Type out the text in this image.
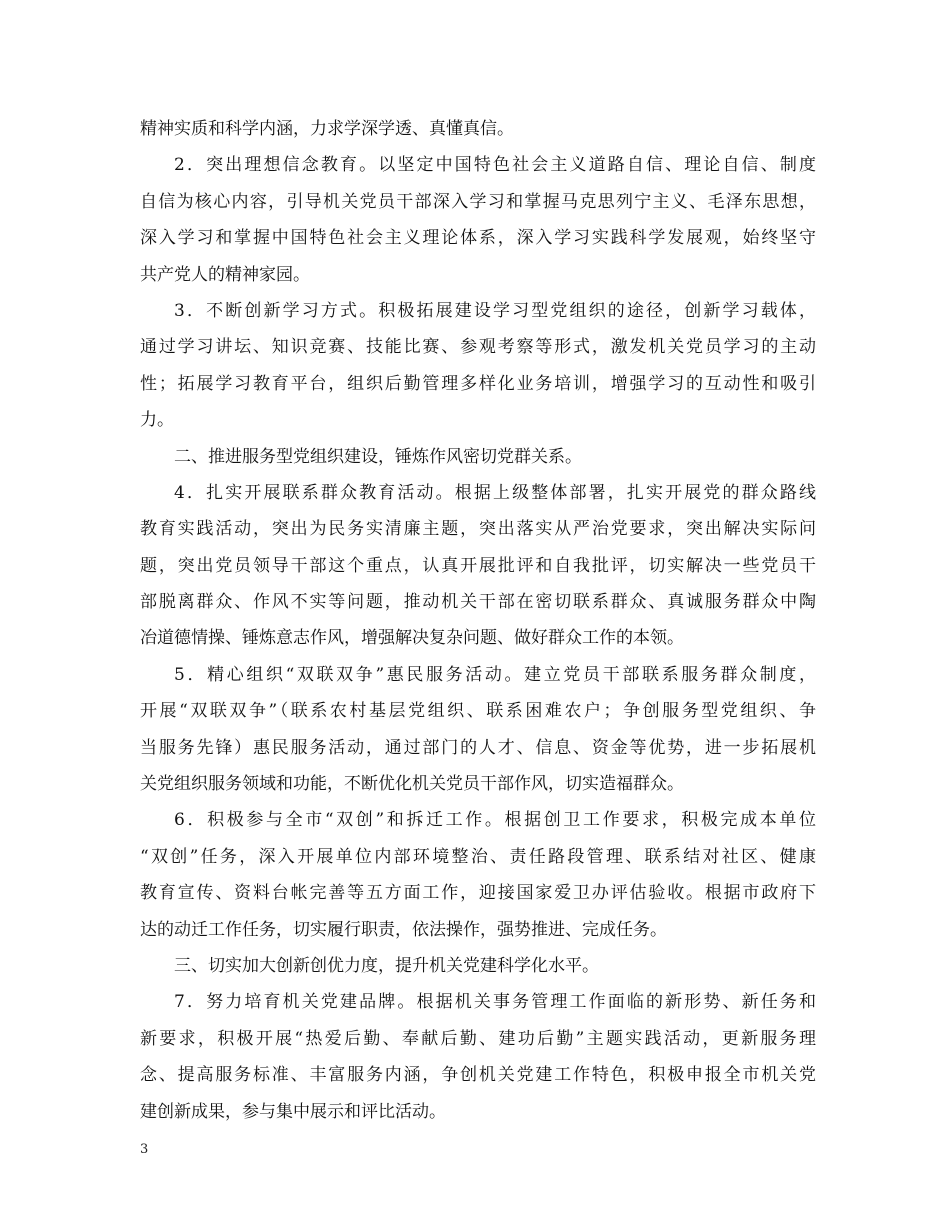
精神实质和科学内涵，力求学深学透、真懂真信。
2．突出理想信念教育。以坚定中国特色社会主义道路自信、理论自信、制度
自信为核心内容，引导机关党员干部深入学习和掌握马克思列宁主义、毛泽东思想，
深入学习和掌握中国特色社会主义理论体系，深入学习实践科学发展观，始终坚守
共产党人的精神家园。
3．不断创新学习方式。积极拓展建设学习型党组织的途径，创新学习载体，
通过学习讲坛、知识竞赛、技能比赛、参观考察等形式，激发机关党员学习的主动
性；拓展学习教育平台，组织后勤管理多样化业务培训，增强学习的互动性和吸引
力。
二、推进服务型党组织建设，锤炼作风密切党群关系。
4．扎实开展联系群众教育活动。根据上级整体部署，扎实开展党的群众路线
教育实践活动，突出为民务实清廉主题，突出落实从严治党要求，突出解决实际问
题，突出党员领导干部这个重点，认真开展批评和自我批评，切实解决一些党员干
部脱离群众、作风不实等问题，推动机关干部在密切联系群众、真诚服务群众中陶
冶道德情操、锤炼意志作风，增强解决复杂问题、做好群众工作的本领。
5．精心组织“双联双争”惠民服务活动。建立党员干部联系服务群众制度，
开展“双联双争”（联系农村基层党组织、联系困难农户；争创服务型党组织、争
当服务先锋）惠民服务活动，通过部门的人才、信息、资金等优势，进一步拓展机
关党组织服务领域和功能，不断优化机关党员干部作风，切实造福群众。
6．积极参与全市“双创”和拆迁工作。根据创卫工作要求，积极完成本单位
“双创”任务，深入开展单位内部环境整治、责任路段管理、联系结对社区、健康
教育宣传、资料台帐完善等五方面工作，迎接国家爱卫办评估验收。根据市政府下
达的动迁工作任务，切实履行职责，依法操作，强势推进、完成任务。
三、切实加大创新创优力度，提升机关党建科学化水平。
7．努力培育机关党建品牌。根据机关事务管理工作面临的新形势、新任务和
新要求，积极开展“热爱后勤、奉献后勤、建功后勤”主题实践活动，更新服务理
念、提高服务标准、丰富服务内涵，争创机关党建工作特色，积极申报全市机关党
建创新成果，参与集中展示和评比活动。
3
